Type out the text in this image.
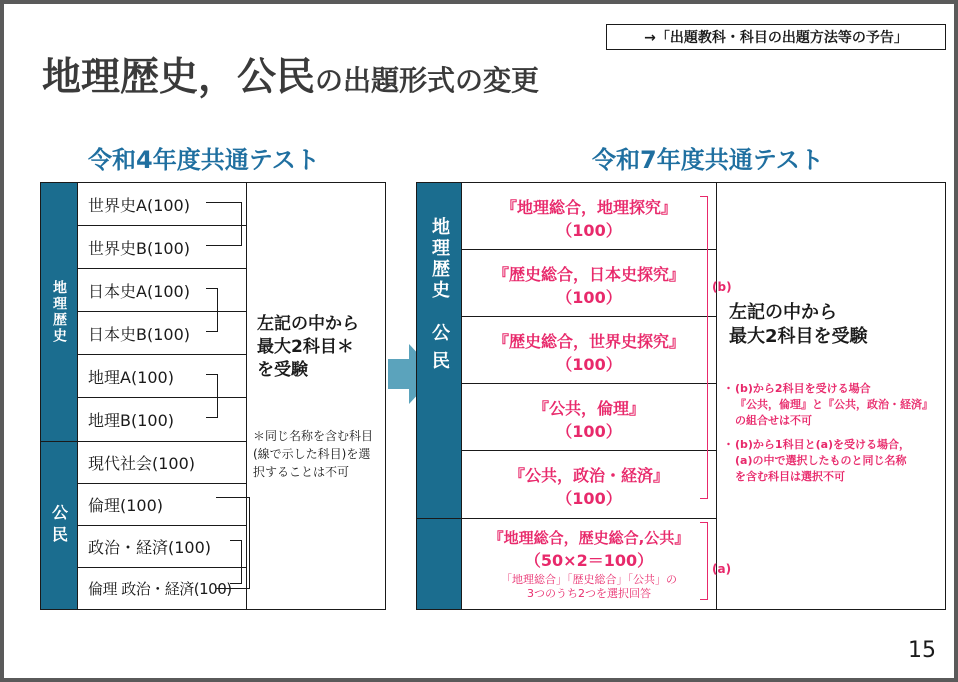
→「出題教科・科目の出題方法等の予告」
地理歴史，公民の出題形式の変更
令和4年度共通テスト
地理歴史
公民
世界史A(100)
世界史B(100)
日本史A(100)
日本史B(100)
地理A(100)
地理B(100)
現代社会(100)
倫理(100)
政治・経済(100)
倫理 政治・経済(100)
左記の中から
最大2科目＊
を受験
＊同じ名称を含む科目
(線で示した科目)を選
択することは不可
令和7年度共通テスト
地理歴史
公民
『地理総合，地理探究』
（100）
『歴史総合，日本史探究』
（100）
『歴史総合，世界史探究』
（100）
『公共，倫理』
（100）
『公共，政治・経済』
（100）
『地理総合，歴史総合,公共』
（50×2＝100）
「地理総合」「歴史総合」「公共」の
3つのうち2つを選択回答
左記の中から
最大2科目を受験
・ (b)から2科目を受ける場合
『公共，倫理』と『公共，政治・経済』
の組合せは不可
・ (b)から1科目と(a)を受ける場合，
(a)の中で選択したものと同じ名称
を含む科目は選択不可
(b)
(a)
15
